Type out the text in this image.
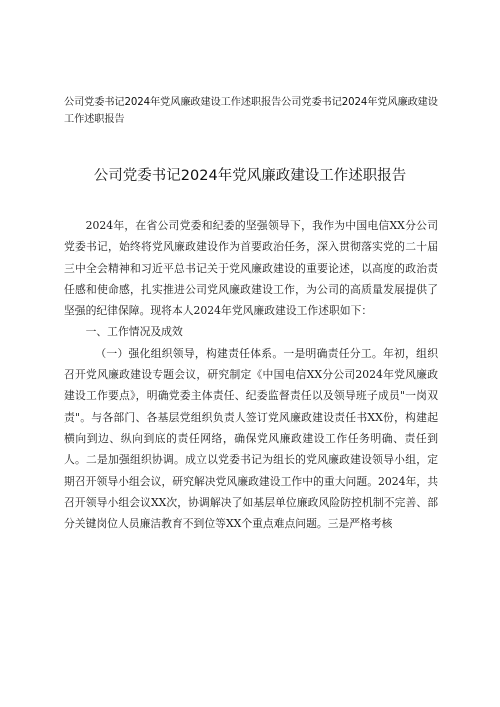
公司党委书记2024年党风廉政建设工作述职报告公司党委书记2024年党风廉政建设工作述职报告
公司党委书记2024年党风廉政建设工作述职报告

2024年，在省公司党委和纪委的坚强领导下，我作为中国电信XX分公司党委书记，始终将党风廉政建设作为首要政治任务，深入贯彻落实党的二十届三中全会精神和习近平总书记关于党风廉政建设的重要论述，以高度的政治责任感和使命感，扎实推进公司党风廉政建设工作，为公司的高质量发展提供了坚强的纪律保障。现将本人2024年党风廉政建设工作述职如下：

一、工作情况及成效

（一）强化组织领导，构建责任体系。一是明确责任分工。年初，组织召开党风廉政建设专题会议，研究制定《中国电信XX分公司2024年党风廉政建设工作要点》，明确党委主体责任、纪委监督责任以及领导班子成员"一岗双责"。与各部门、各基层党组织负责人签订党风廉政建设责任书XX份，构建起横向到边、纵向到底的责任网络，确保党风廉政建设工作任务明确、责任到人。二是加强组织协调。成立以党委书记为组长的党风廉政建设领导小组，定期召开领导小组会议，研究解决党风廉政建设工作中的重大问题。2024年，共召开领导小组会议XX次，协调解决了如基层单位廉政风险防控机制不完善、部分关键岗位人员廉洁教育不到位等XX个重点难点问题。三是严格考核
